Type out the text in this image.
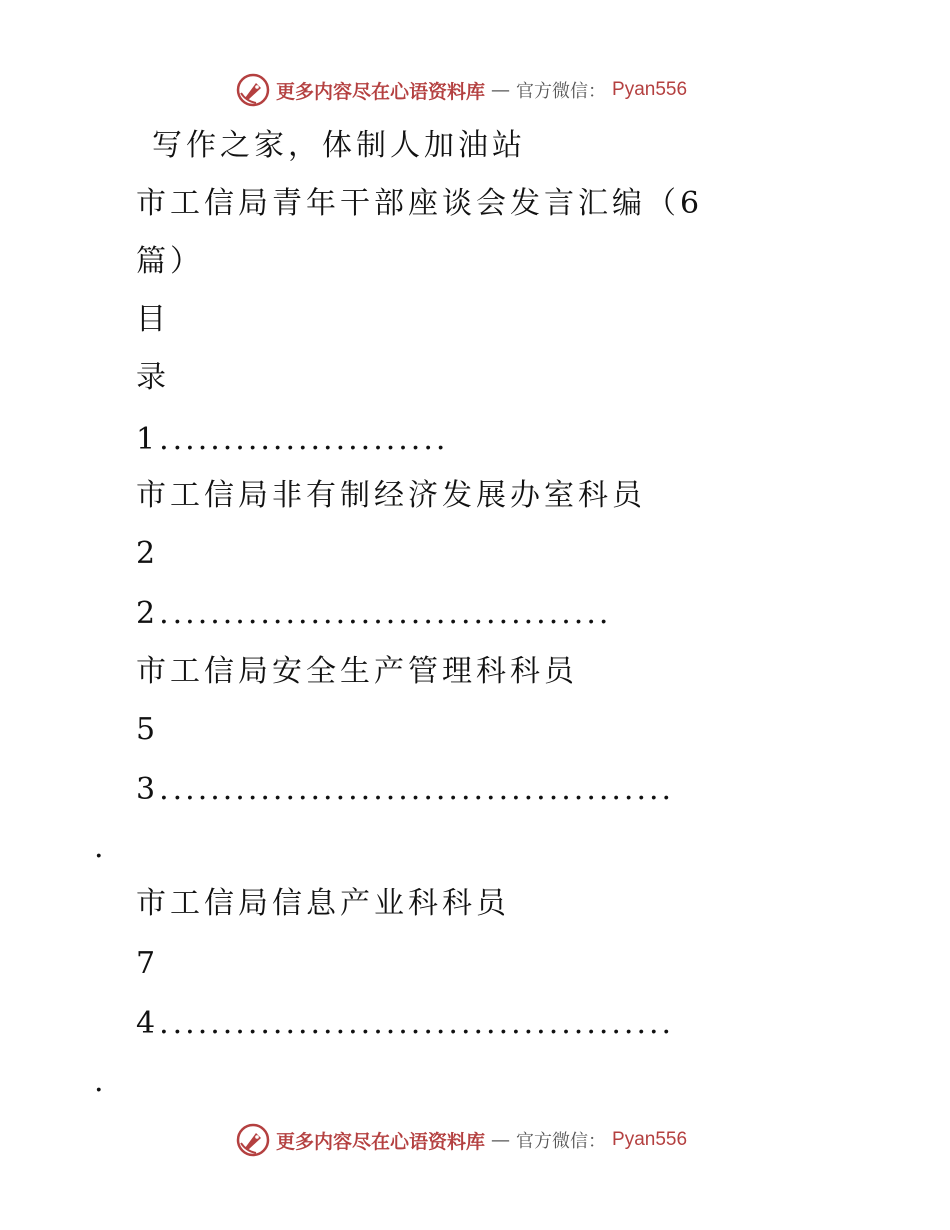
更多内容尽在心语资料库 — 官方微信： Pyan556
写作之家，体制人加油站
市工信局青年干部座谈会发言汇编（6
篇）
目
录
1.......................
市工信局非有制经济发展办室科员
2
2....................................
市工信局安全生产管理科科员
5
3.........................................
.
市工信局信息产业科科员
7
4.........................................
.
更多内容尽在心语资料库 — 官方微信： Pyan556
